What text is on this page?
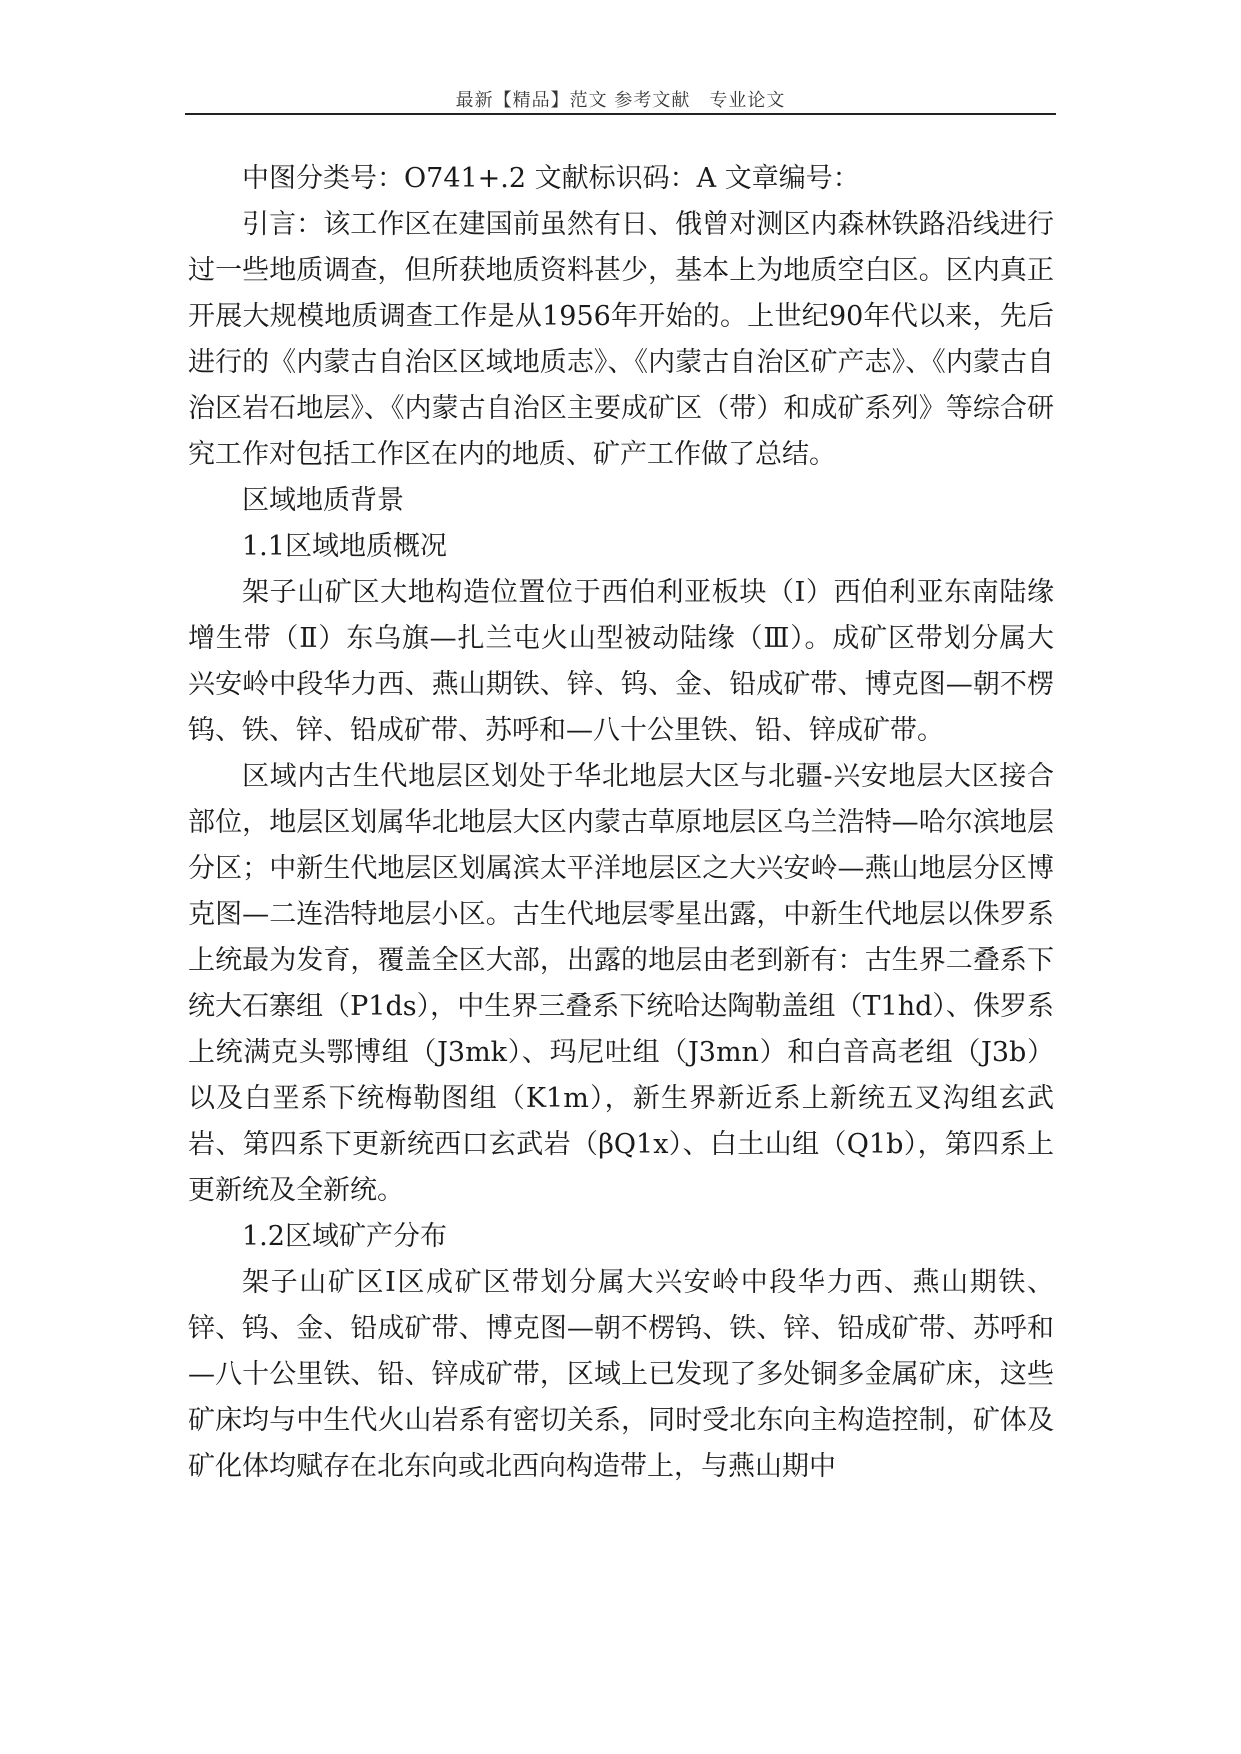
最新【精品】范文 参考文献　专业论文

中图分类号：O741+.2 文献标识码：A 文章编号：

引言：该工作区在建国前虽然有日、俄曾对测区内森林铁路沿线进行过一些地质调查，但所获地质资料甚少，基本上为地质空白区。区内真正开展大规模地质调查工作是从1956年开始的。上世纪90年代以来，先后进行的《内蒙古自治区区域地质志》、《内蒙古自治区矿产志》、《内蒙古自治区岩石地层》、《内蒙古自治区主要成矿区（带）和成矿系列》等综合研究工作对包括工作区在内的地质、矿产工作做了总结。

区域地质背景

1.1区域地质概况

架子山矿区大地构造位置位于西伯利亚板块（Ⅰ）西伯利亚东南陆缘增生带（Ⅱ）东乌旗—扎兰屯火山型被动陆缘（Ⅲ）。成矿区带划分属大兴安岭中段华力西、燕山期铁、锌、钨、金、铅成矿带、博克图—朝不楞钨、铁、锌、铅成矿带、苏呼和—八十公里铁、铅、锌成矿带。

区域内古生代地层区划处于华北地层大区与北疆-兴安地层大区接合部位，地层区划属华北地层大区内蒙古草原地层区乌兰浩特—哈尔滨地层分区；中新生代地层区划属滨太平洋地层区之大兴安岭—燕山地层分区博克图—二连浩特地层小区。古生代地层零星出露，中新生代地层以侏罗系上统最为发育，覆盖全区大部，出露的地层由老到新有：古生界二叠系下统大石寨组（P1ds），中生界三叠系下统哈达陶勒盖组（T1hd）、侏罗系上统满克头鄂博组（J3mk）、玛尼吐组（J3mn）和白音高老组（J3b）以及白垩系下统梅勒图组（K1m），新生界新近系上新统五叉沟组玄武岩、第四系下更新统西口玄武岩（βQ1x）、白土山组（Q1b），第四系上更新统及全新统。

1.2区域矿产分布

架子山矿区Ⅰ区成矿区带划分属大兴安岭中段华力西、燕山期铁、锌、钨、金、铅成矿带、博克图—朝不楞钨、铁、锌、铅成矿带、苏呼和—八十公里铁、铅、锌成矿带，区域上已发现了多处铜多金属矿床，这些矿床均与中生代火山岩系有密切关系，同时受北东向主构造控制，矿体及矿化体均赋存在北东向或北西向构造带上，与燕山期中
